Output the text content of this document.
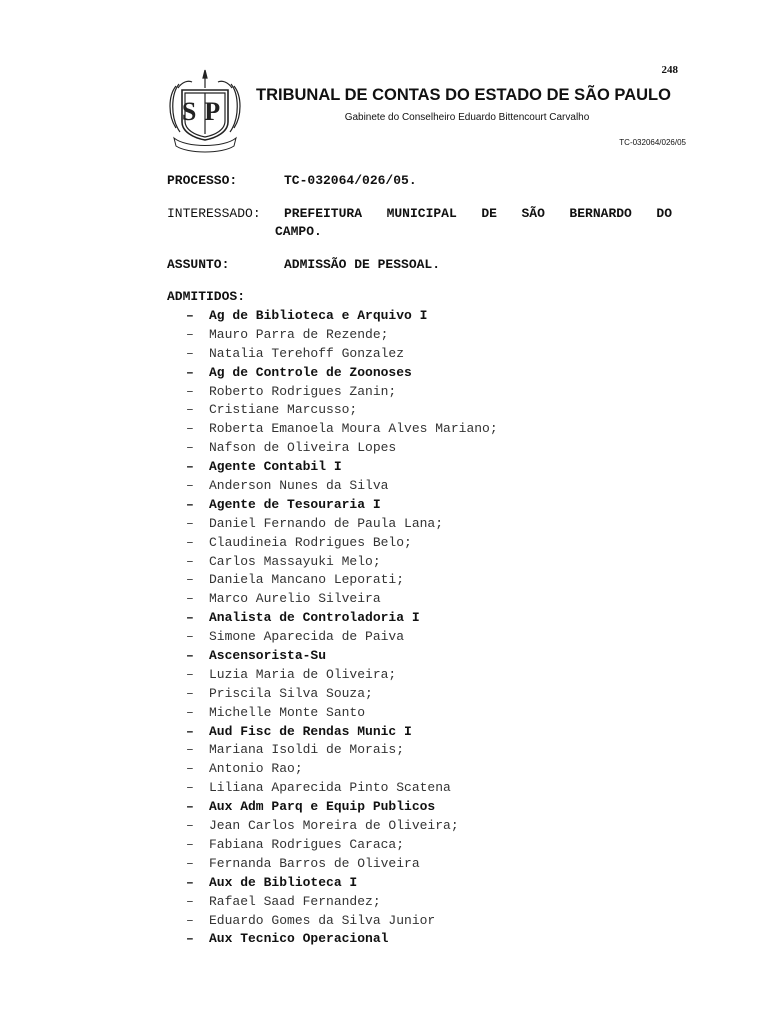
248
SP
TRIBUNAL DE CONTAS DO ESTADO DE SÃO PAULO
Gabinete do Conselheiro Eduardo Bittencourt Carvalho
TC-032064/026/05
PROCESSO:	TC-032064/026/05.
INTERESSADO: PREFEITURA MUNICIPAL DE SÃO BERNARDO DO
CAMPO.
ASSUNTO:	ADMISSÃO DE PESSOAL.
ADMITIDOS:
– Ag de Biblioteca e Arquivo I
– Mauro Parra de Rezende;
– Natalia Terehoff Gonzalez
– Ag de Controle de Zoonoses
– Roberto Rodrigues Zanin;
– Cristiane Marcusso;
– Roberta Emanoela Moura Alves Mariano;
– Nafson de Oliveira Lopes
– Agente Contabil I
– Anderson Nunes da Silva
– Agente de Tesouraria I
– Daniel Fernando de Paula Lana;
– Claudineia Rodrigues Belo;
– Carlos Massayuki Melo;
– Daniela Mancano Leporati;
– Marco Aurelio Silveira
– Analista de Controladoria I
– Simone Aparecida de Paiva
– Ascensorista-Su
– Luzia Maria de Oliveira;
– Priscila Silva Souza;
– Michelle Monte Santo
– Aud Fisc de Rendas Munic I
– Mariana Isoldi de Morais;
– Antonio Rao;
– Liliana Aparecida Pinto Scatena
– Aux Adm Parq e Equip Publicos
– Jean Carlos Moreira de Oliveira;
– Fabiana Rodrigues Caraca;
– Fernanda Barros de Oliveira
– Aux de Biblioteca I
– Rafael Saad Fernandez;
– Eduardo Gomes da Silva Junior
– Aux Tecnico Operacional
